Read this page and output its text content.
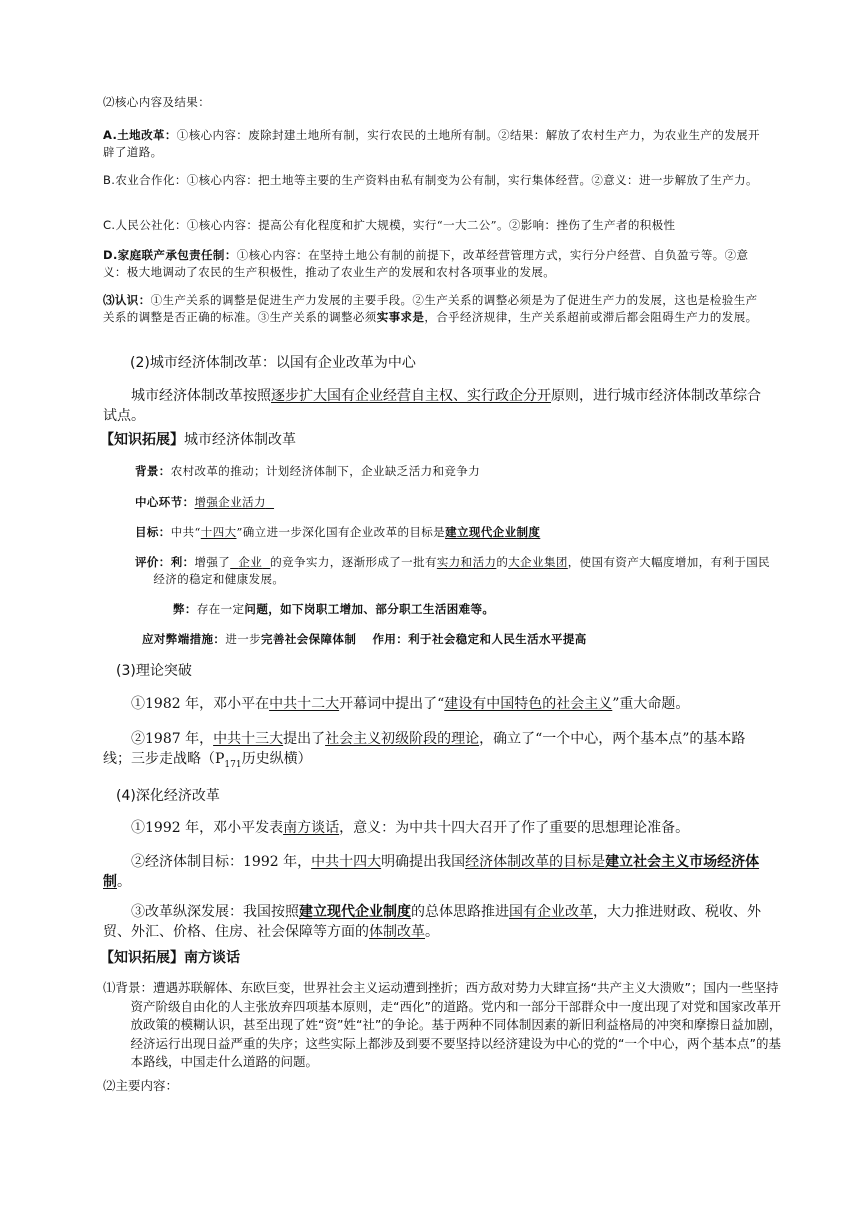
⑵核心内容及结果：

A.土地改革：①核心内容：废除封建土地所有制，实行农民的土地所有制。②结果：解放了农村生产力，为农业生产的发展开辟了道路。

B.农业合作化：①核心内容：把土地等主要的生产资料由私有制变为公有制，实行集体经营。②意义：进一步解放了生产力。

C.人民公社化：①核心内容：提高公有化程度和扩大规模，实行“一大二公”。②影响：挫伤了生产者的积极性

D.家庭联产承包责任制：①核心内容：在坚持土地公有制的前提下，改革经营管理方式，实行分户经营、自负盈亏等。②意义：极大地调动了农民的生产积极性，推动了农业生产的发展和农村各项事业的发展。

⑶认识：①生产关系的调整是促进生产力发展的主要手段。②生产关系的调整必须是为了促进生产力的发展，这也是检验生产关系的调整是否正确的标准。③生产关系的调整必须实事求是，合乎经济规律，生产关系超前或滞后都会阻碍生产力的发展。

(2)城市经济体制改革：以国有企业改革为中心

城市经济体制改革按照逐步扩大国有企业经营自主权、实行政企分开原则，进行城市经济体制改革综合试点。

【知识拓展】城市经济体制改革

背景：农村改革的推动；计划经济体制下，企业缺乏活力和竞争力

中心环节：增强企业活力

目标：中共“十四大”确立进一步深化国有企业改革的目标是建立现代企业制度

评价：利：增强了 企业 的竞争实力，逐渐形成了一批有实力和活力的大企业集团，使国有资产大幅度增加，有利于国民经济的稳定和健康发展。

弊：存在一定问题，如下岗职工增加、部分职工生活困难等。

应对弊端措施：进一步完善社会保障体制 作用：利于社会稳定和人民生活水平提高

(3)理论突破

①1982 年，邓小平在中共十二大开幕词中提出了“建设有中国特色的社会主义”重大命题。

②1987 年，中共十三大提出了社会主义初级阶段的理论，确立了“一个中心，两个基本点”的基本路线；三步走战略（$P_{171}$历史纵横）

(4)深化经济改革

①1992 年，邓小平发表南方谈话，意义：为中共十四大召开了作了重要的思想理论准备。

②经济体制目标：1992 年，中共十四大明确提出我国经济体制改革的目标是建立社会主义市场经济体制。

③改革纵深发展：我国按照建立现代企业制度的总体思路推进国有企业改革，大力推进财政、税收、外贸、外汇、价格、住房、社会保障等方面的体制改革。

【知识拓展】南方谈话

⑴背景：遭遇苏联解体、东欧巨变，世界社会主义运动遭到挫折；西方敌对势力大肆宣扬“共产主义大溃败”；国内一些坚持资产阶级自由化的人主张放弃四项基本原则，走“西化”的道路。党内和一部分干部群众中一度出现了对党和国家改革开放政策的模糊认识，甚至出现了姓“资”姓“社”的争论。基于两种不同体制因素的新旧利益格局的冲突和摩擦日益加剧，经济运行出现日益严重的失序；这些实际上都涉及到要不要坚持以经济建设为中心的党的“一个中心，两个基本点”的基本路线，中国走什么道路的问题。

⑵主要内容：
